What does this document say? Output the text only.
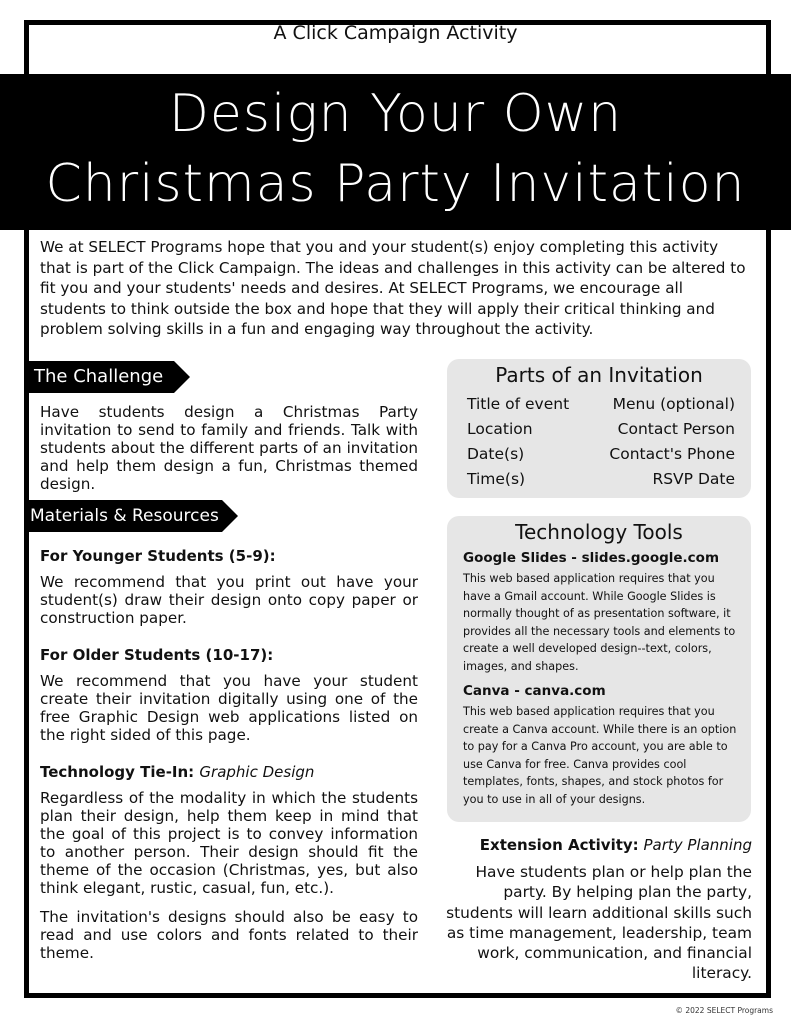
A Click Campaign Activity
Design Your Own
Christmas Party Invitation
We at SELECT Programs hope that you and your student(s) enjoy completing this activity that is part of the Click Campaign. The ideas and challenges in this activity can be altered to fit you and your students' needs and desires. At SELECT Programs, we encourage all students to think outside the box and hope that they will apply their critical thinking and problem solving skills in a fun and engaging way throughout the activity.
The Challenge
Have students design a Christmas Party invitation to send to family and friends. Talk with students about the different parts of an invitation and help them design a fun, Christmas themed design.
Materials & Resources
For Younger Students (5-9):
We recommend that you print out have your student(s) draw their design onto copy paper or construction paper.
For Older Students (10-17):
We recommend that you have your student create their invitation digitally using one of the free Graphic Design web applications listed on the right sided of this page.
Technology Tie-In: Graphic Design
Regardless of the modality in which the students plan their design, help them keep in mind that the goal of this project is to convey information to another person. Their design should fit the theme of the occasion (Christmas, yes, but also think elegant, rustic, casual, fun, etc.).
The invitation's designs should also be easy to read and use colors and fonts related to their theme.
Parts of an Invitation
Title of event	Menu (optional)
Location	Contact Person
Date(s)	Contact's Phone
Time(s)	RSVP Date
Technology Tools
Google Slides - slides.google.com
This web based application requires that you have a Gmail account. While Google Slides is normally thought of as presentation software, it provides all the necessary tools and elements to create a well developed design--text, colors, images, and shapes.
Canva - canva.com
This web based application requires that you create a Canva account. While there is an option to pay for a Canva Pro account, you are able to use Canva for free. Canva provides cool templates, fonts, shapes, and stock photos for you to use in all of your designs.
Extension Activity: Party Planning
Have students plan or help plan the party. By helping plan the party, students will learn additional skills such as time management, leadership, team work, communication, and financial literacy.
© 2022 SELECT Programs
